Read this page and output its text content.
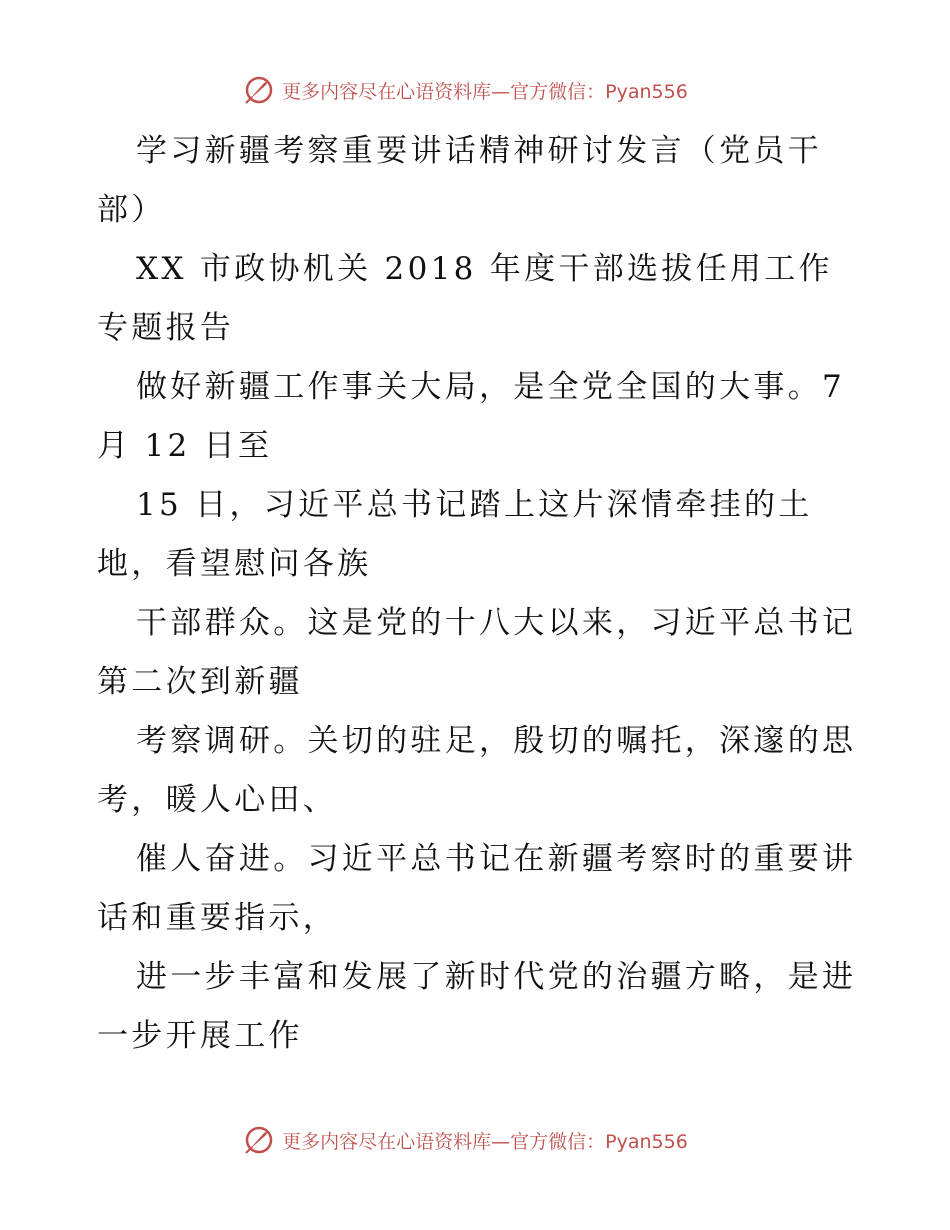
更多内容尽在心语资料库—官方微信：Pyan556

学习新疆考察重要讲话精神研讨发言（党员干部）

XX 市政协机关 2018 年度干部选拔任用工作专题报告

做好新疆工作事关大局，是全党全国的大事。7 月 12 日至

15 日，习近平总书记踏上这片深情牵挂的土地，看望慰问各族

干部群众。这是党的十八大以来，习近平总书记第二次到新疆

考察调研。关切的驻足，殷切的嘱托，深邃的思考，暖人心田、

催人奋进。习近平总书记在新疆考察时的重要讲话和重要指示，

进一步丰富和发展了新时代党的治疆方略，是进一步开展工作

更多内容尽在心语资料库—官方微信：Pyan556
